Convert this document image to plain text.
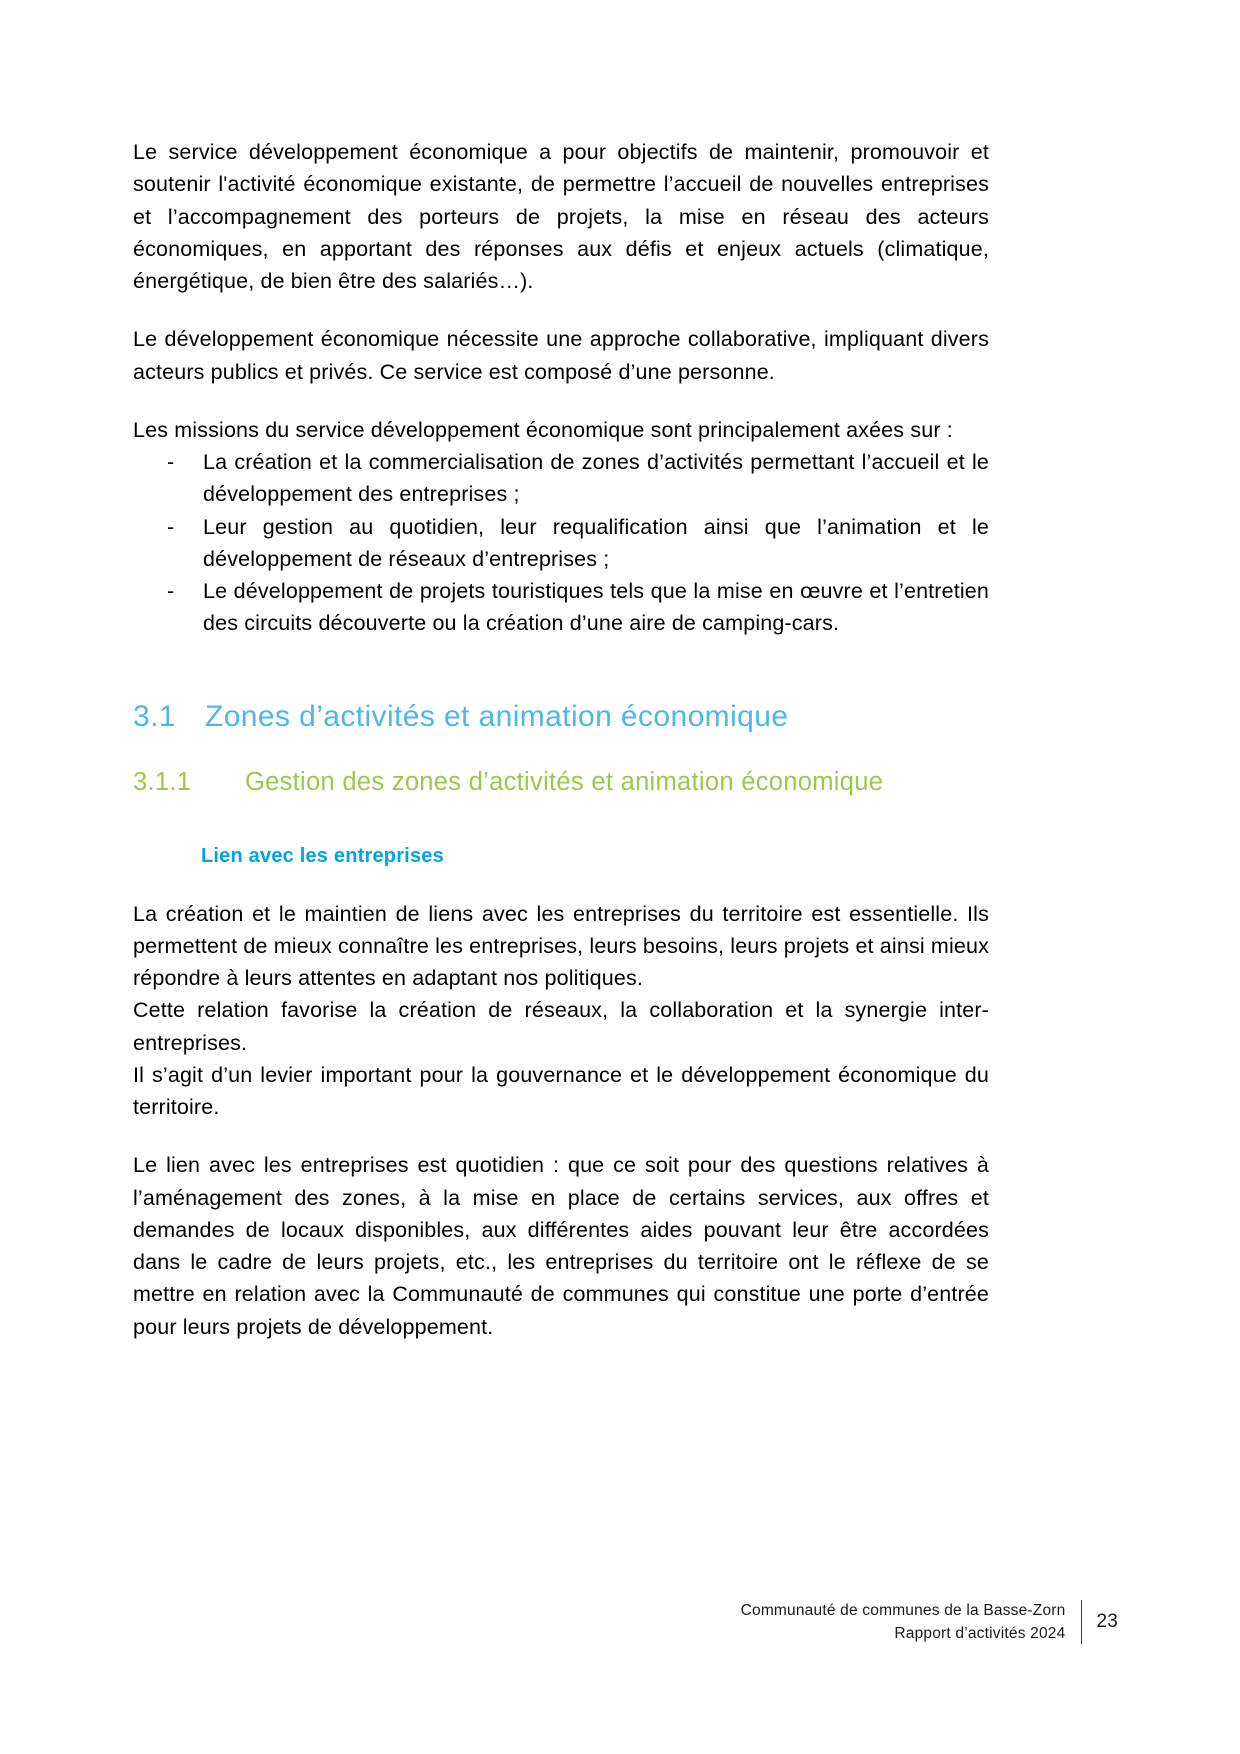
Le service développement économique a pour objectifs de maintenir, promouvoir et soutenir l'activité économique existante, de permettre l’accueil de nouvelles entreprises et l’accompagnement des porteurs de projets, la mise en réseau des acteurs économiques, en apportant des réponses aux défis et enjeux actuels (climatique, énergétique, de bien être des salariés…).

Le développement économique nécessite une approche collaborative, impliquant divers acteurs publics et privés. Ce service est composé d’une personne.

Les missions du service développement économique sont principalement axées sur :

- La création et la commercialisation de zones d’activités permettant l’accueil et le développement des entreprises ;
- Leur gestion au quotidien, leur requalification ainsi que l’animation et le développement de réseaux d’entreprises ;
- Le développement de projets touristiques tels que la mise en œuvre et l’entretien des circuits découverte ou la création d’une aire de camping-cars.
3.1 Zones d’activités et animation économique
3.1.1	Gestion des zones d’activités et animation économique
Lien avec les entreprises

La création et le maintien de liens avec les entreprises du territoire est essentielle. Ils permettent de mieux connaître les entreprises, leurs besoins, leurs projets et ainsi mieux répondre à leurs attentes en adaptant nos politiques.

Cette relation favorise la création de réseaux, la collaboration et la synergie inter-entreprises.

Il s’agit d’un levier important pour la gouvernance et le développement économique du territoire.

Le lien avec les entreprises est quotidien : que ce soit pour des questions relatives à l’aménagement des zones, à la mise en place de certains services, aux offres et demandes de locaux disponibles, aux différentes aides pouvant leur être accordées dans le cadre de leurs projets, etc., les entreprises du territoire ont le réflexe de se mettre en relation avec la Communauté de communes qui constitue une porte d’entrée pour leurs projets de développement.

Communauté de communes de la Basse-Zorn
Rapport d’activités 2024
23
